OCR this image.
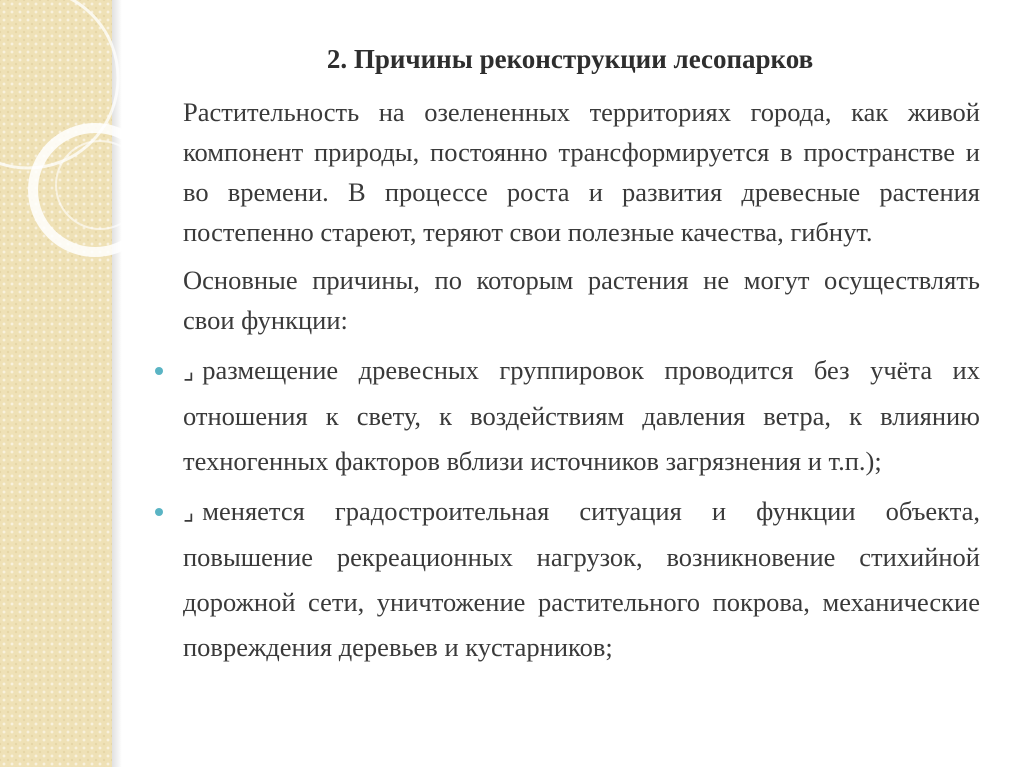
2. Причины реконструкции лесопарков

Растительность на озелененных территориях города, как живой компонент природы, постоянно трансформируется в пространстве и во времени. В процессе роста и развития древесные растения постепенно стареют, теряют свои полезные качества, гибнут.

Основные причины, по которым растения не могут осуществлять свои функции:

⌟ размещение древесных группировок проводится без учёта их отношения к свету, к воздействиям давления ветра, к влиянию техногенных факторов вблизи источников загрязнения и т.п.);
⌟ меняется градостроительная ситуация и функции объекта, повышение рекреационных нагрузок, возникновение стихийной дорожной сети, уничтожение растительного покрова, механические повреждения деревьев и кустарников;
